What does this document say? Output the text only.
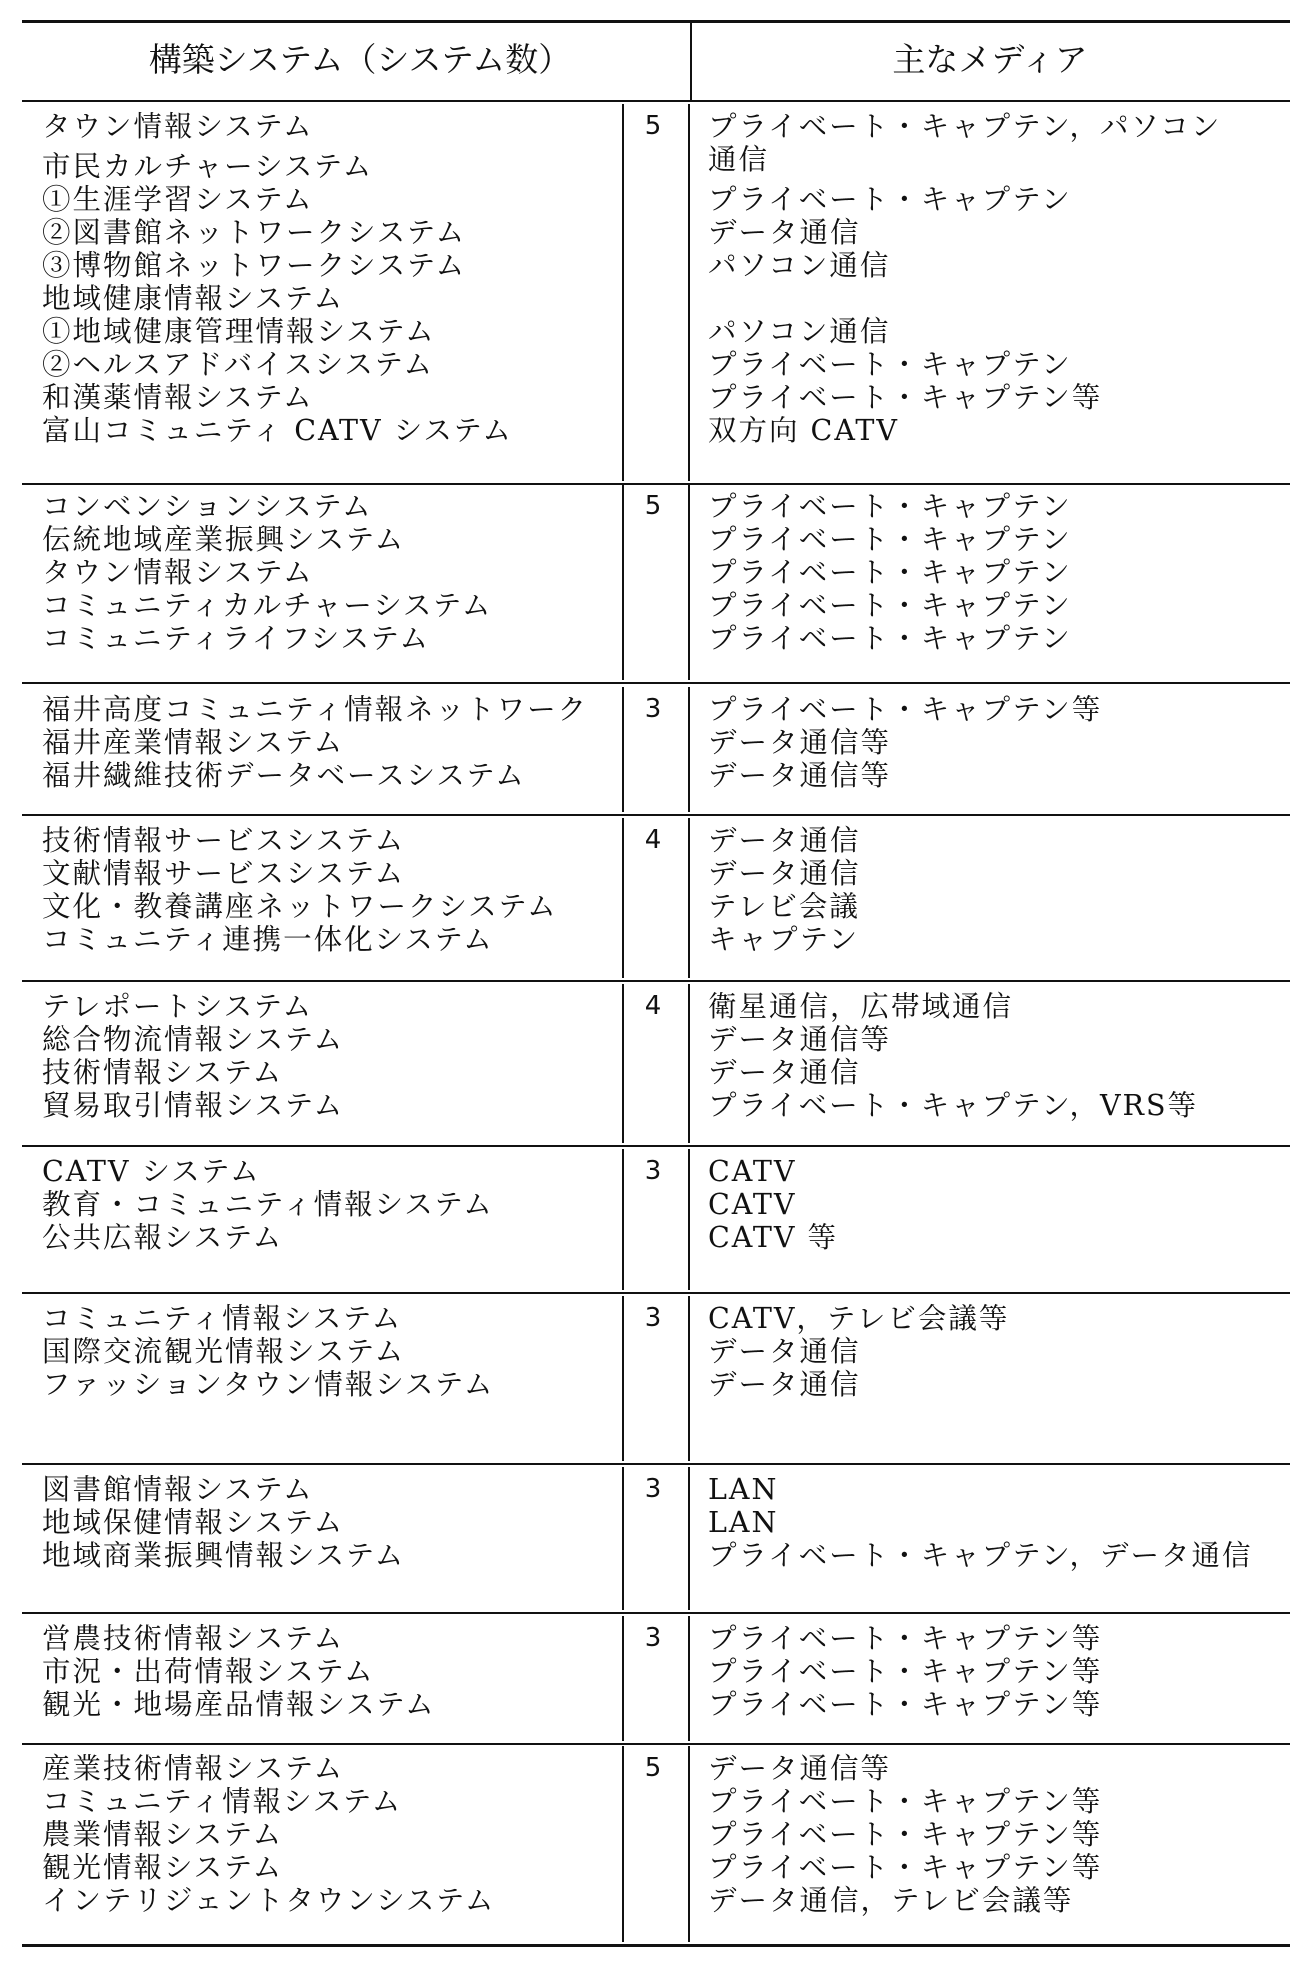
構築システム（システム数）	主なメディア
5
タウン情報システム
市民カルチャーシステム
①生涯学習システム
②図書館ネットワークシステム
③博物館ネットワークシステム
地域健康情報システム
①地域健康管理情報システム
②ヘルスアドバイスシステム
和漢薬情報システム
富山コミュニティ CATV システム
プライベート・キャプテン，パソコン
通信
プライベート・キャプテン
データ通信
パソコン通信
パソコン通信
プライベート・キャプテン
プライベート・キャプテン等
双方向 CATV
5
コンベンションシステム
伝統地域産業振興システム
タウン情報システム
コミュニティカルチャーシステム
コミュニティライフシステム
プライベート・キャプテン
プライベート・キャプテン
プライベート・キャプテン
プライベート・キャプテン
プライベート・キャプテン
3
福井高度コミュニティ情報ネットワーク
福井産業情報システム
福井繊維技術データベースシステム
プライベート・キャプテン等
データ通信等
データ通信等
4
技術情報サービスシステム
文献情報サービスシステム
文化・教養講座ネットワークシステム
コミュニティ連携一体化システム
データ通信
データ通信
テレビ会議
キャプテン
4
テレポートシステム
総合物流情報システム
技術情報システム
貿易取引情報システム
衛星通信，広帯域通信
データ通信等
データ通信
プライベート・キャプテン，VRS等
3
CATV システム
教育・コミュニティ情報システム
公共広報システム
CATV
CATV
CATV 等
3
コミュニティ情報システム
国際交流観光情報システム
ファッションタウン情報システム
CATV，テレビ会議等
データ通信
データ通信
3
図書館情報システム
地域保健情報システム
地域商業振興情報システム
LAN
LAN
プライベート・キャプテン，データ通信
3
営農技術情報システム
市況・出荷情報システム
観光・地場産品情報システム
プライベート・キャプテン等
プライベート・キャプテン等
プライベート・キャプテン等
5
産業技術情報システム
コミュニティ情報システム
農業情報システム
観光情報システム
インテリジェントタウンシステム
データ通信等
プライベート・キャプテン等
プライベート・キャプテン等
プライベート・キャプテン等
データ通信，テレビ会議等
